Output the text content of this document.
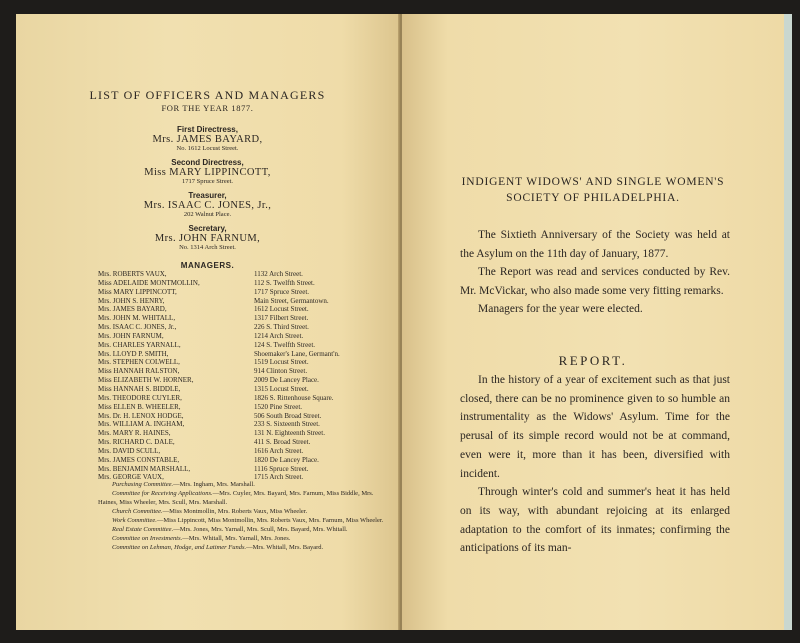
LIST OF OFFICERS AND MANAGERS
FOR THE YEAR 1877.
First Directress,
Mrs. JAMES BAYARD,
No. 1612 Locust Street.
Second Directress,
Miss MARY LIPPINCOTT,
1717 Spruce Street.
Treasurer,
Mrs. ISAAC C. JONES, Jr.,
202 Walnut Place.
Secretary,
Mrs. JOHN FARNUM,
No. 1314 Arch Street.
MANAGERS.
Mrs. ROBERTS VAUX,	1132 Arch Street.
Miss ADELAIDE MONTMOLLIN,	112 S. Twelfth Street.
Miss MARY LIPPINCOTT,	1717 Spruce Street.
Mrs. JOHN S. HENRY,	Main Street, Germantown.
Mrs. JAMES BAYARD,	1612 Locust Street.
Mrs. JOHN M. WHITALL,	1317 Filbert Street.
Mrs. ISAAC C. JONES, Jr.,	226 S. Third Street.
Mrs. JOHN FARNUM,	1214 Arch Street.
Mrs. CHARLES YARNALL,	124 S. Twelfth Street.
Mrs. LLOYD P. SMITH,	Shoemaker's Lane, Germant'n.
Mrs. STEPHEN COLWELL,	1519 Locust Street.
Miss HANNAH RALSTON,	914 Clinton Street.
Miss ELIZABETH W. HORNER,	2009 De Lancey Place.
Miss HANNAH S. BIDDLE,	1315 Locust Street.
Mrs. THEODORE CUYLER,	1826 S. Rittenhouse Square.
Miss ELLEN B. WHEELER,	1520 Pine Street.
Mrs. Dr. H. LENOX HODGE,	506 South Broad Street.
Mrs. WILLIAM A. INGHAM,	233 S. Sixteenth Street.
Mrs. MARY R. HAINES,	131 N. Eighteenth Street.
Mrs. RICHARD C. DALE,	411 S. Broad Street.
Mrs. DAVID SCULL,	1616 Arch Street.
Mrs. JAMES CONSTABLE,	1820 De Lancey Place.
Mrs. BENJAMIN MARSHALL,	1116 Spruce Street.
Mrs. GEORGE VAUX,	1715 Arch Street.

Purchasing Committee.—Mrs. Ingham, Mrs. Marshall.

Committee for Receiving Applications.—Mrs. Cuyler, Mrs. Bayard, Mrs. Farnum, Miss Biddle, Mrs. Haines, Miss Wheeler, Mrs. Scull, Mrs. Marshall.

Church Committee.—Miss Montmollin, Mrs. Roberts Vaux, Miss Wheeler.

Work Committee.—Miss Lippincott, Miss Montmollin, Mrs. Roberts Vaux, Mrs. Farnum, Miss Wheeler.

Real Estate Committee.—Mrs. Jones, Mrs. Yarnall, Mrs. Scull, Mrs. Bayard, Mrs. Whitall.

Committee on Investments.—Mrs. Whitall, Mrs. Yarnall, Mrs. Jones.

Committee on Lehman, Hodge, and Latimer Funds.—Mrs. Whitall, Mrs. Bayard.

INDIGENT WIDOWS' AND SINGLE WOMEN'S
SOCIETY OF PHILADELPHIA.

The Sixtieth Anniversary of the Society was held at the Asylum on the 11th day of January, 1877.

The Report was read and services conducted by Rev. Mr. McVickar, who also made some very fitting remarks.

Managers for the year were elected.

REPORT.

In the history of a year of excitement such as that just closed, there can be no prominence given to so humble an instrumentality as the Widows' Asylum. Time for the perusal of its simple record would not be at command, even were it, more than it has been, diversified with incident.

Through winter's cold and summer's heat it has held on its way, with abundant rejoicing at its enlarged adaptation to the comfort of its inmates; confirming the anticipations of its man-
